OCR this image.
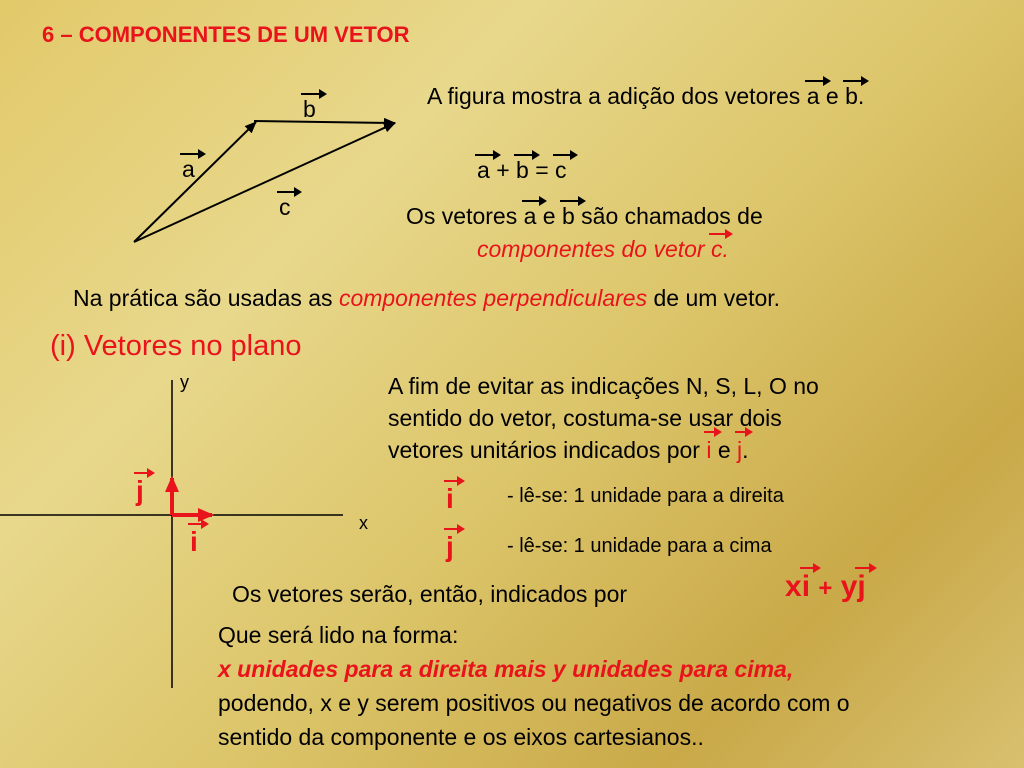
6 – COMPONENTES DE UM VETOR
a
b
c
A figura mostra a adição dos vetores a e b.
a + b = c
Os vetores a e b são chamados de
componentes do vetor c.
Na prática são usadas as componentes perpendiculares de um vetor.
(i) Vetores no plano
y
x
j
i
A fim de evitar as indicações N, S, L, O no
sentido do vetor, costuma-se usar dois
vetores unitários indicados por i e j.
i	- lê-se: 1 unidade para a direita
j	- lê-se: 1 unidade para a cima
Os vetores serão, então, indicados por	xi + yj
Que será lido na forma:
x unidades para a direita mais y unidades para cima,
podendo, x e y serem positivos ou negativos de acordo com o
sentido da componente e os eixos cartesianos..
